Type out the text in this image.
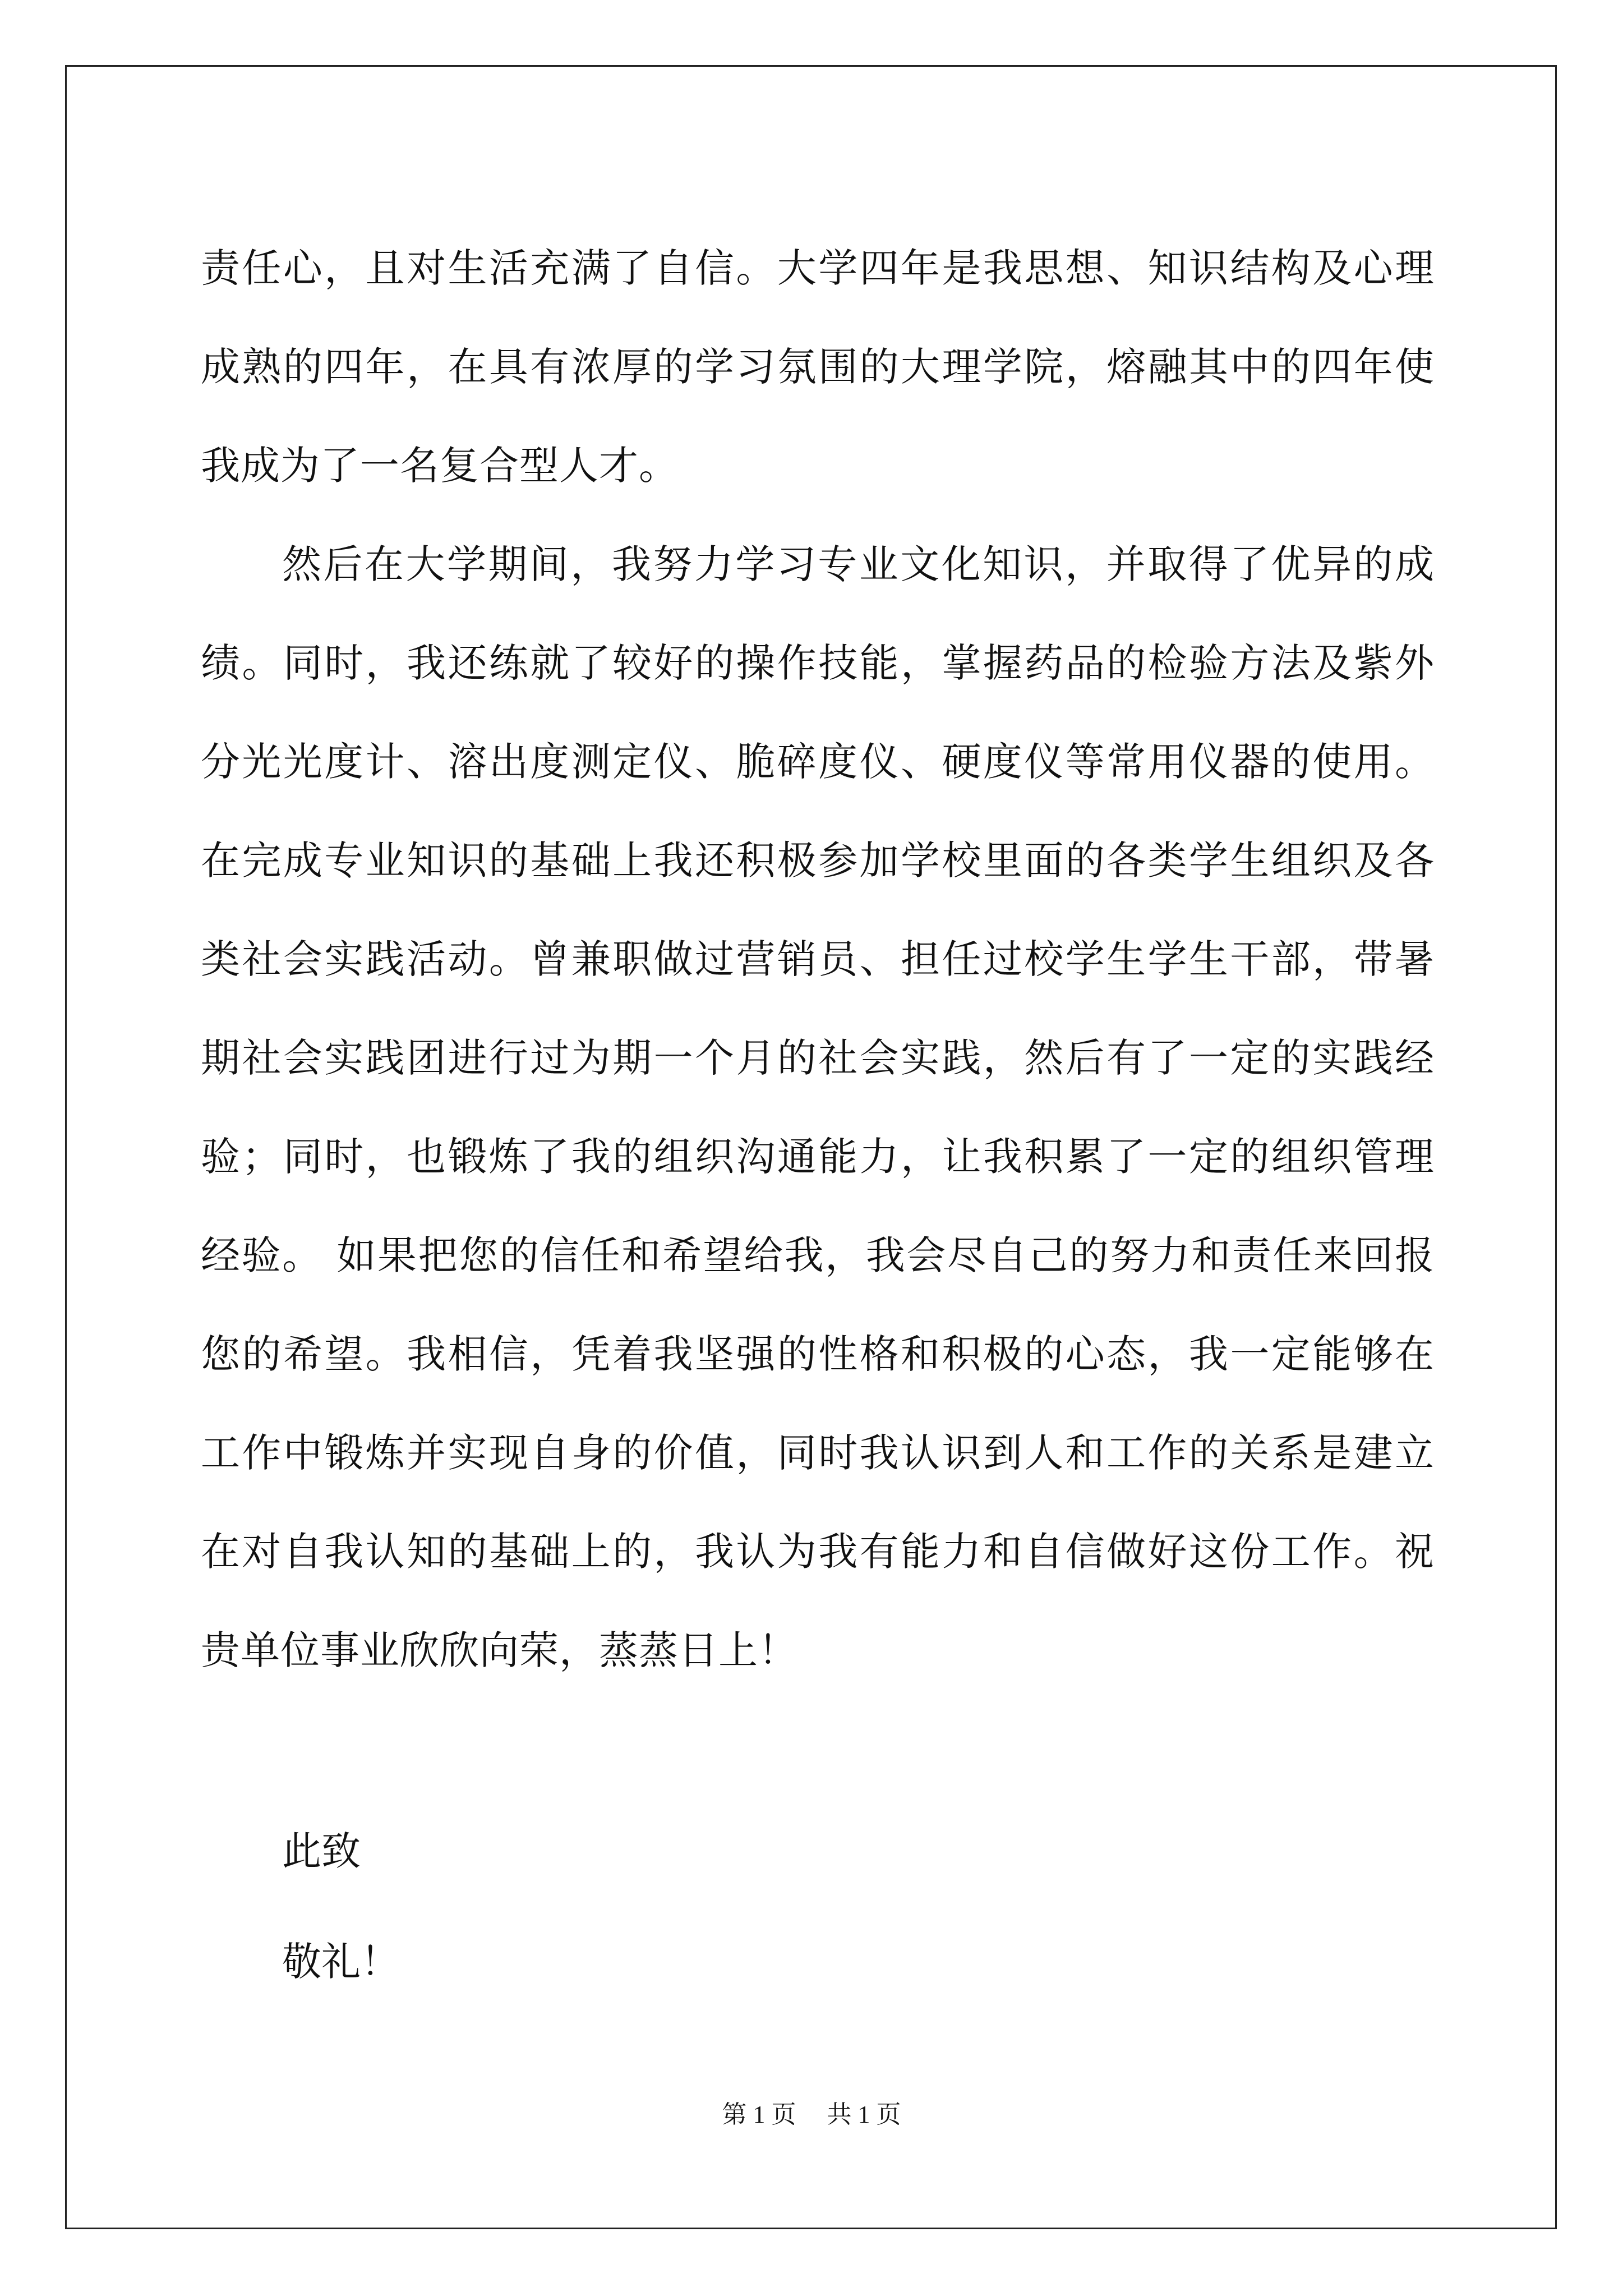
责任心，且对生活充满了自信。大学四年是我思想、知识结构及心理
成熟的四年，在具有浓厚的学习氛围的大理学院，熔融其中的四年使
我成为了一名复合型人才。
然后在大学期间，我努力学习专业文化知识，并取得了优异的成
绩。同时，我还练就了较好的操作技能，掌握药品的检验方法及紫外
分光光度计、溶出度测定仪、脆碎度仪、硬度仪等常用仪器的使用。
在完成专业知识的基础上我还积极参加学校里面的各类学生组织及各
类社会实践活动。曾兼职做过营销员、担任过校学生学生干部，带暑
期社会实践团进行过为期一个月的社会实践，然后有了一定的实践经
验；同时，也锻炼了我的组织沟通能力，让我积累了一定的组织管理
经验。 如果把您的信任和希望给我，我会尽自己的努力和责任来回报
您的希望。我相信，凭着我坚强的性格和积极的心态，我一定能够在
工作中锻炼并实现自身的价值，同时我认识到人和工作的关系是建立
在对自我认知的基础上的，我认为我有能力和自信做好这份工作。祝
贵单位事业欣欣向荣，蒸蒸日上！
此致
敬礼！
第 1 页　 共 1 页
